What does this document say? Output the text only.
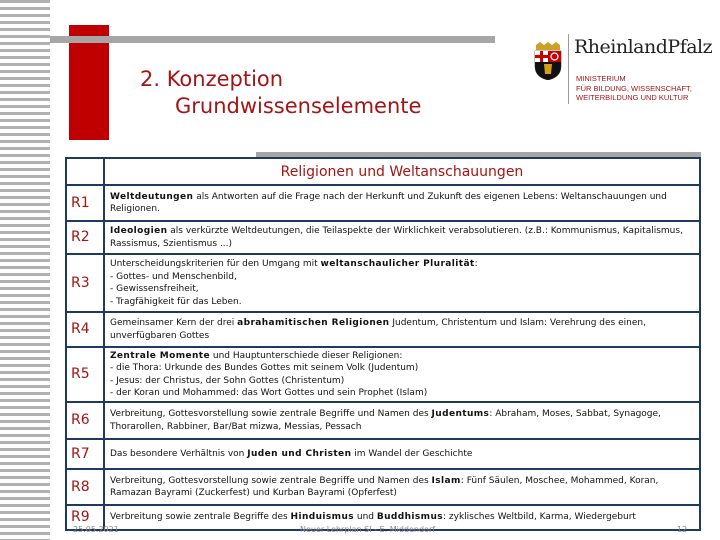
2. Konzeption
Grundwissenselemente
RheinlandPfalz
MINISTERIUM
FÜR BILDUNG, WISSENSCHAFT,
WEITERBILDUNG UND KULTUR
	Religionen und Weltanschauungen
R1	Weltdeutungen als Antworten auf die Frage nach der Herkunft und Zukunft des eigenen Lebens: Weltanschauungen und Religionen.

R2	Ideologien als verkürzte Weltdeutungen, die Teilaspekte der Wirklichkeit verabsolutieren. (z.B.: Kommunismus, Kapitalismus, Rassismus, Szientismus ...)

R3	Unterscheidungskriterien für den Umgang mit weltanschaulicher Pluralität:
- Gottes- und Menschenbild,
- Gewissensfreiheit,
- Tragfähigkeit für das Leben.

R4	Gemeinsamer Kern der drei abrahamitischen Religionen Judentum, Christentum und Islam: Verehrung des einen, unverfügbaren Gottes

R5	Zentrale Momente und Hauptunterschiede dieser Religionen:
- die Thora: Urkunde des Bundes Gottes mit seinem Volk (Judentum)
- Jesus: der Christus, der Sohn Gottes (Christentum)
- der Koran und Mohammed: das Wort Gottes und sein Prophet (Islam)

R6	Verbreitung, Gottesvorstellung sowie zentrale Begriffe und Namen des Judentums: Abraham, Moses, Sabbat, Synagoge, Thorarollen, Rabbiner, Bar/Bat mizwa, Messias, Pessach

R7	Das besondere Verhältnis von Juden und Christen im Wandel der Geschichte

R8	Verbreitung, Gottesvorstellung sowie zentrale Begriffe und Namen des Islam: Fünf Säulen, Moschee, Mohammed, Koran, Ramazan Bayrami (Zuckerfest) und Kurban Bayrami (Opferfest)

R9	Verbreitung sowie zentrale Begriffe des Hinduismus und Buddhismus: zyklisches Weltbild, Karma, Wiedergeburt
25.05.2021	Neuer Lehrplan SI - E. Middendorf	12
